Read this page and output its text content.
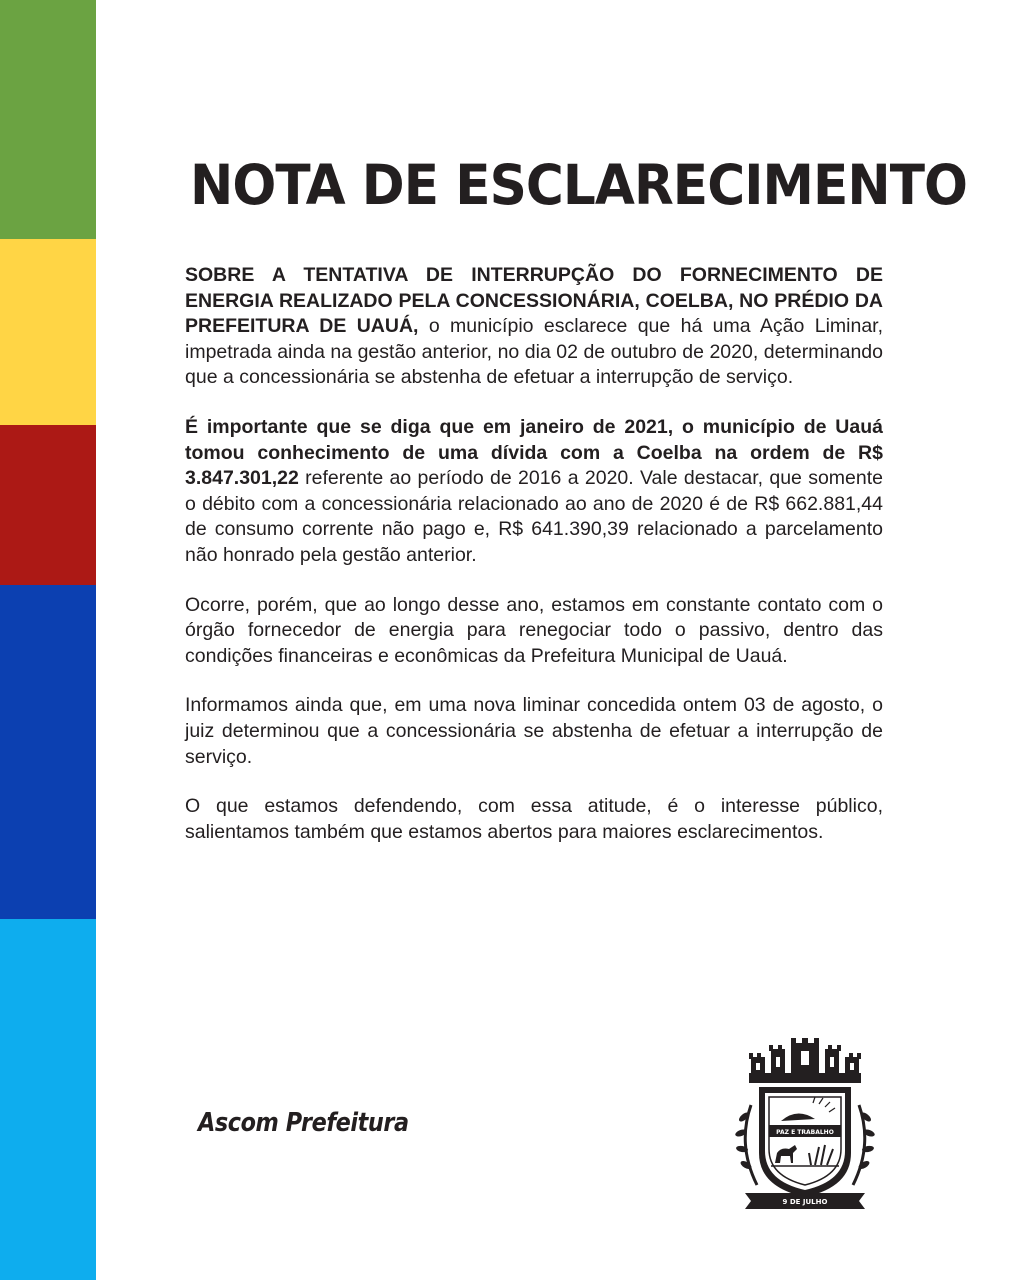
NOTA DE ESCLARECIMENTO

SOBRE A TENTATIVA DE INTERRUPÇÃO DO FORNECIMENTO DE ENERGIA REALIZADO PELA CONCESSIONÁRIA, COELBA, NO PRÉDIO DA PREFEITURA DE UAUÁ, o município esclarece que há uma Ação Liminar, impetrada ainda na gestão anterior, no dia 02 de outubro de 2020, determinando que a concessionária se abstenha de efetuar a interrupção de serviço.

É importante que se diga que em janeiro de 2021, o município de Uauá tomou conhecimento de uma dívida com a Coelba na ordem de R$ 3.847.301,22 referente ao período de 2016 a 2020. Vale destacar, que somente o débito com a concessionária relacionado ao ano de 2020 é de R$ 662.881,44 de consumo corrente não pago e, R$ 641.390,39 relacionado a parcelamento não honrado pela gestão anterior.

Ocorre, porém, que ao longo desse ano, estamos em constante contato com o órgão fornecedor de energia para renegociar todo o passivo, dentro das condições financeiras e econômicas da Prefeitura Municipal de Uauá.

Informamos ainda que, em uma nova liminar concedida ontem 03 de agosto, o juiz determinou que a concessionária se abstenha de efetuar a interrupção de serviço.

O que estamos defendendo, com essa atitude, é o interesse público, salientamos também que estamos abertos para maiores esclarecimentos.

Ascom Prefeitura	PAZ E TRABALHO
9 DE JULHO
